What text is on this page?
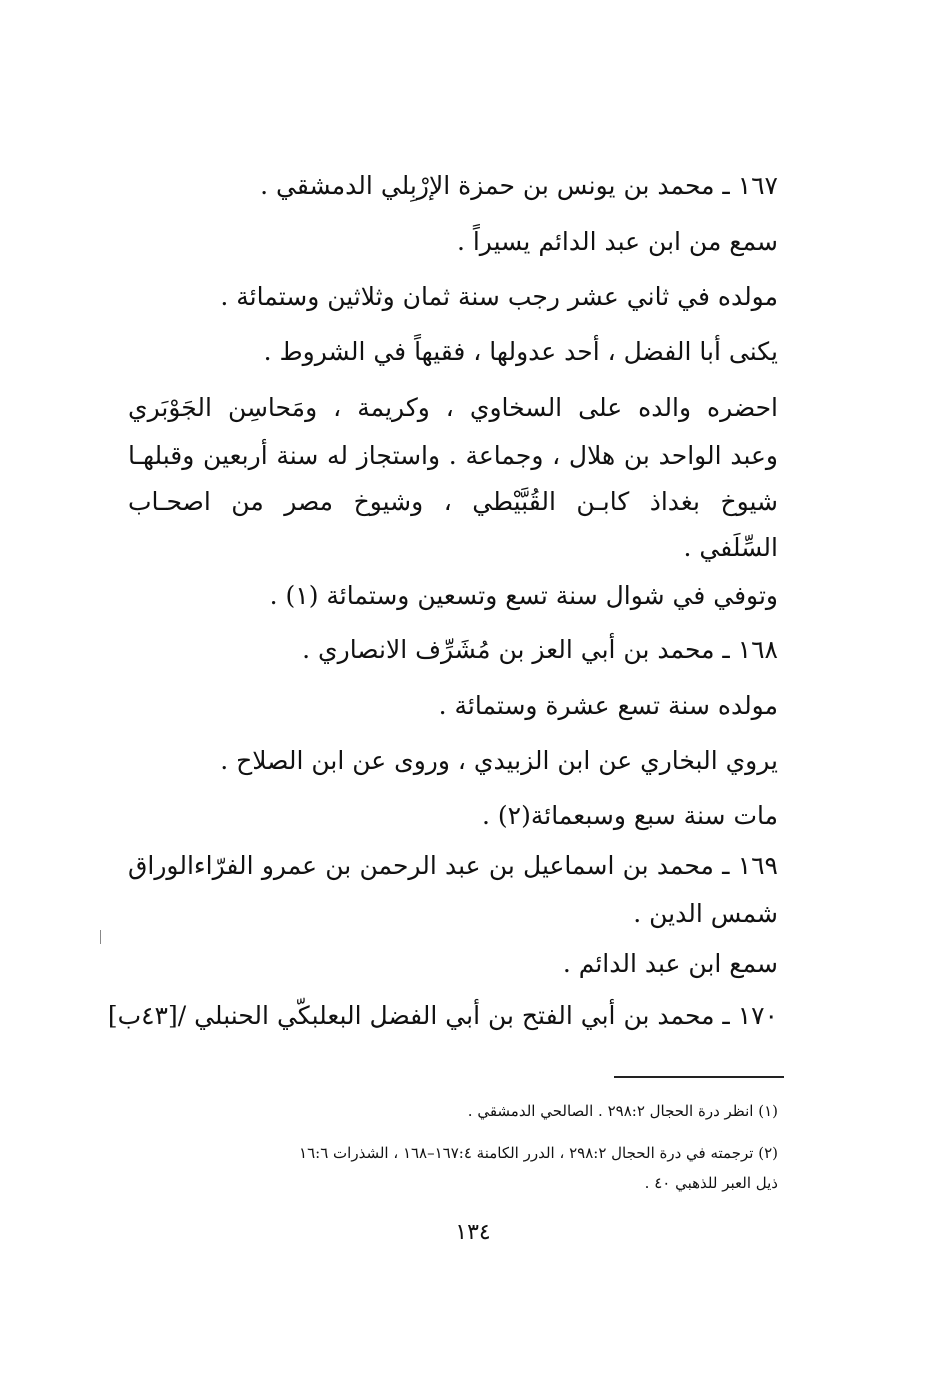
١٦٧ ـ محمد بن يونس بن حمزة الإرْبِلي الدمشقي .
سمع من ابن عبد الدائم يسيراً .
مولده في ثاني عشر رجب سنة ثمان وثلاثين وستمائة .
يكنى أبا الفضل ، أحد عدولها ، فقيهاً في الشروط .
احضره والده على السخاوي ، وكريمة ، ومَحاسِن الجَوْبَري
وعبد الواحد بن هلال ، وجماعة . واستجاز له سنة أربعين وقبلهـا
شيوخ بغداذ كابـن القُبَّيْطي ، وشيوخ مصر من اصحـاب
السِّلَفي .
وتوفي في شوال سنة تسع وتسعين وستمائة (١) .
١٦٨ ـ محمد بن أبي العز بن مُشَرِّف الانصاري .
مولده سنة تسع عشرة وستمائة .
يروي البخاري عن ابن الزبيدي ، وروى عن ابن الصلاح .
مات سنة سبع وسبعمائة(٢) .
١٦٩ ـ محمد بن اسماعيل بن عبد الرحمن بن عمرو الفرّاءالوراق
شمس الدين .
سمع ابن عبد الدائم .
١٧٠ ـ محمد بن أبي الفتح بن أبي الفضل البعلبكّي الحنبلي /[٤٣ب]
(١) انظر درة الحجال ٢٩٨:٢ . الصالحي الدمشقي .
(٢) ترجمته في درة الحجال ٢٩٨:٢ ، الدرر الكامنة ١٦٧:٤–١٦٨ ، الشذرات ١٦:٦
ذيل العبر للذهبي ٤٠ .
١٣٤
